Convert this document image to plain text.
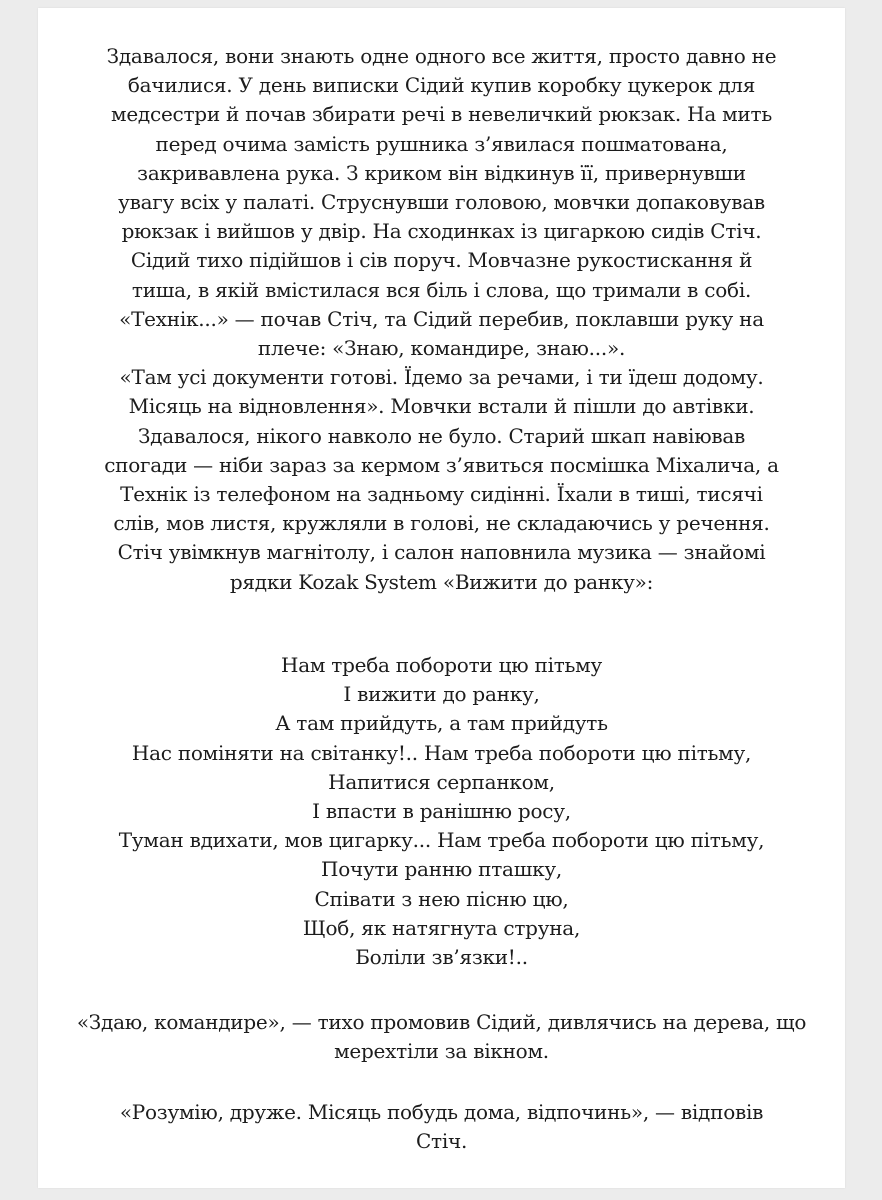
Здавалося, вони знають одне одного все життя, просто давно не
бачилися. У день виписки Сідий купив коробку цукерок для
медсестри й почав збирати речі в невеличкий рюкзак. На мить
перед очима замість рушника з’явилася пошматована,
закривавлена рука. З криком він відкинув її, привернувши
увагу всіх у палаті. Струснувши головою, мовчки допаковував
рюкзак і вийшов у двір. На сходинках із цигаркою сидів Стіч.
Сідий тихо підійшов і сів поруч. Мовчазне рукостискання й
тиша, в якій вмістилася вся біль і слова, що тримали в собі.
«Технік...» — почав Стіч, та Сідий перебив, поклавши руку на
плече: «Знаю, командире, знаю...».
«Там усі документи готові. Їдемо за речами, і ти їдеш додому.
Місяць на відновлення». Мовчки встали й пішли до автівки.
Здавалося, нікого навколо не було. Старий шкап навіював
спогади — ніби зараз за кермом з’явиться посмішка Міхалича, а
Технік із телефоном на задньому сидінні. Їхали в тиші, тисячі
слів, мов листя, кружляли в голові, не складаючись у речення.
Стіч увімкнув магнітолу, і салон наповнила музика — знайомі
рядки Kozak System «Вижити до ранку»:
Нам треба побороти цю пітьму
І вижити до ранку,
А там прийдуть, а там прийдуть
Нас поміняти на світанку!.. Нам треба побороти цю пітьму,
Напитися серпанком,
І впасти в ранішню росу,
Туман вдихати, мов цигарку... Нам треба побороти цю пітьму,
Почути ранню пташку,
Співати з нею пісню цю,
Щоб, як натягнута струна,
Боліли зв’язки!..
«Здаю, командире», — тихо промовив Сідий, дивлячись на дерева, що
мерехтіли за вікном.
«Розумію, друже. Місяць побудь дома, відпочинь», — відповів
Стіч.
